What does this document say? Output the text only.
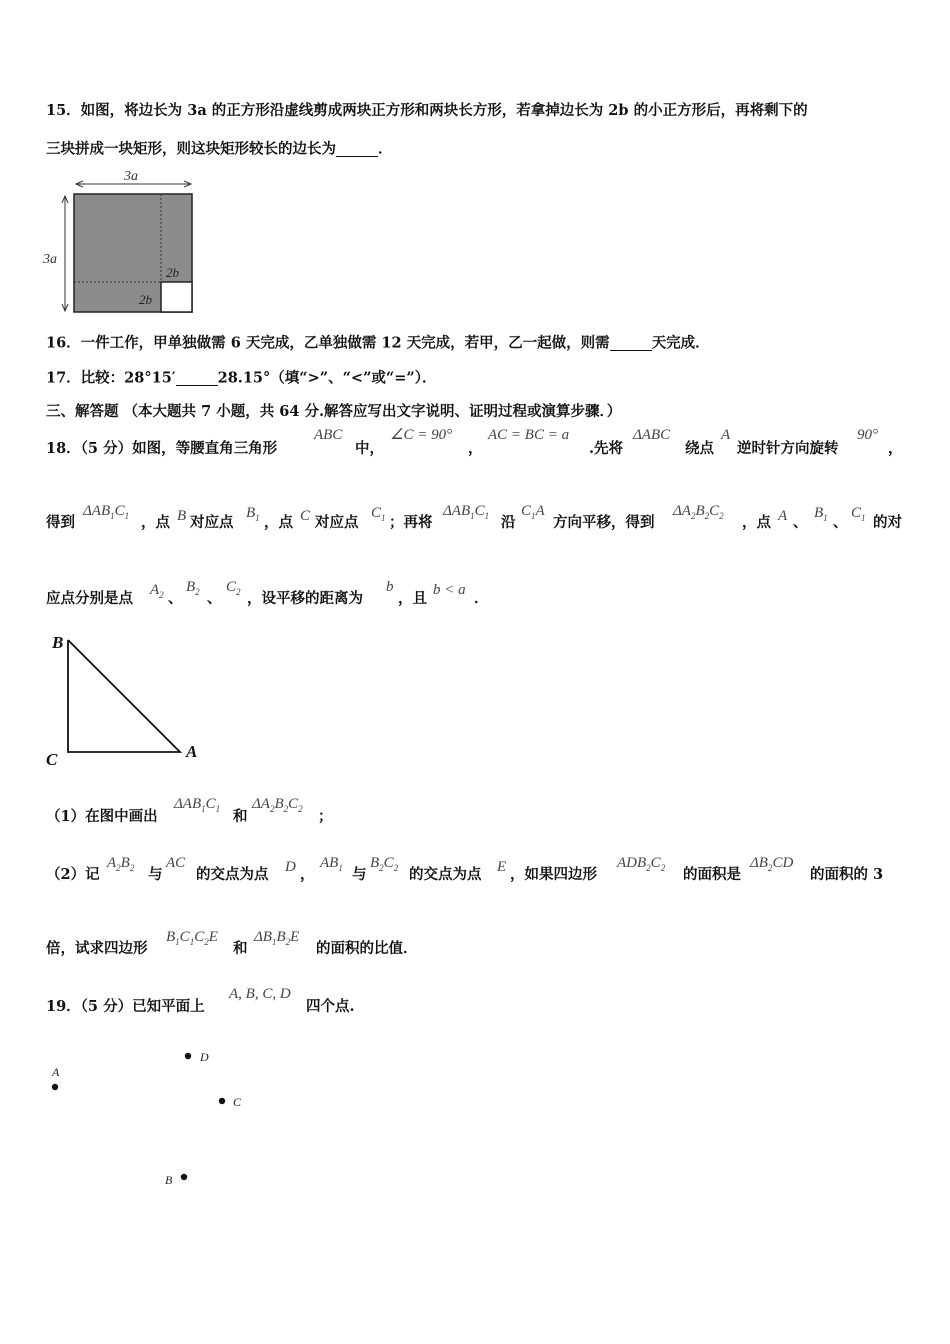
15．如图，将边长为 3a 的正方形沿虚线剪成两块正方形和两块长方形，若拿掉边长为 2b 的小正方形后，再将剩下的
三块拼成一块矩形，则这块矩形较长的边长为	．
3a
3a
2b
2b
16．一件工作，甲单独做需 6 天完成，乙单独做需 12 天完成，若甲，乙一起做，则需	天完成．
17．比较：28°15′	28.15°（填“>”、“<”或“=”）．
三、解答题 （本大题共 7 小题，共 64 分.解答应写出文字说明、证明过程或演算步骤．）
18．（5 分）如图，等腰直角三角形
ABC
中，
∠C = 90°
，
AC = BC = a
.先将
ΔABC
绕点
A
逆时针方向旋转
90°
，
得到
$\Delta AB_1C_1$ ，点 B 对应点
$B_1$ ，点 C 对应点
$C_1$ ；再将
$\Delta AB_1C_1$ 沿
$C_1A$
方向平移，得到
$\Delta A_2B_2C_2$ ，点 A 、
$B_1$ 、
$C_1$ 的对
应点分别是点 $A_2$ 、
$B_2$ 、
$C_2$ ，设平移的距离为
b
，且 b < a ．
B
C	A
（1）在图中画出
$\Delta AB_1C_1$ 和
$\Delta A_2B_2C_2$ ；
（2）记
$A_2B_2$ 与
AC
的交点为点 D ，
$AB_1$ 与
$B_2C_2$ 的交点为点 E ，如果四边形
$ADB_2C_2$ 的面积是
$\Delta B_2CD$
的面积的 3
倍，试求四边形
$B_1C_1C_2E$
和
$\Delta B_1B_2E$
的面积的比值．
19．（5 分）已知平面上
A, B, C, D
四个点.
D
A
C
B
